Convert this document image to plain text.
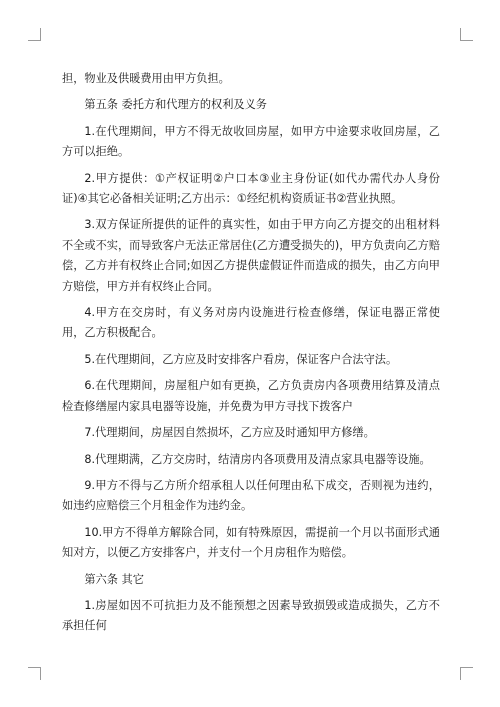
担，物业及供暖费用由甲方负担。

第五条 委托方和代理方的权利及义务

1.在代理期间，甲方不得无故收回房屋，如甲方中途要求收回房屋，乙方可以拒绝。

2.甲方提供：①产权证明②户口本③业主身份证(如代办需代办人身份证)④其它必备相关证明;乙方出示：①经纪机构资质证书②营业执照。

3.双方保证所提供的证件的真实性，如由于甲方向乙方提交的出租材料不全或不实，而导致客户无法正常居住(乙方遭受损失的)，甲方负责向乙方赔偿，乙方并有权终止合同;如因乙方提供虚假证件而造成的损失，由乙方向甲方赔偿，甲方并有权终止合同。

4.甲方在交房时，有义务对房内设施进行检查修缮，保证电器正常使用，乙方积极配合。

5.在代理期间，乙方应及时安排客户看房，保证客户合法守法。

6.在代理期间，房屋租户如有更换，乙方负责房内各项费用结算及清点检查修缮屋内家具电器等设施，并免费为甲方寻找下拨客户

7.代理期间，房屋因自然损坏，乙方应及时通知甲方修缮。

8.代理期满，乙方交房时，结清房内各项费用及清点家具电器等设施。

9.甲方不得与乙方所介绍承租人以任何理由私下成交，否则视为违约，如违约应赔偿三个月租金作为违约金。

10.甲方不得单方解除合同，如有特殊原因，需提前一个月以书面形式通知对方，以便乙方安排客户，并支付一个月房租作为赔偿。

第六条 其它

1.房屋如因不可抗拒力及不能预想之因素导致损毁或造成损失，乙方不承担任何
